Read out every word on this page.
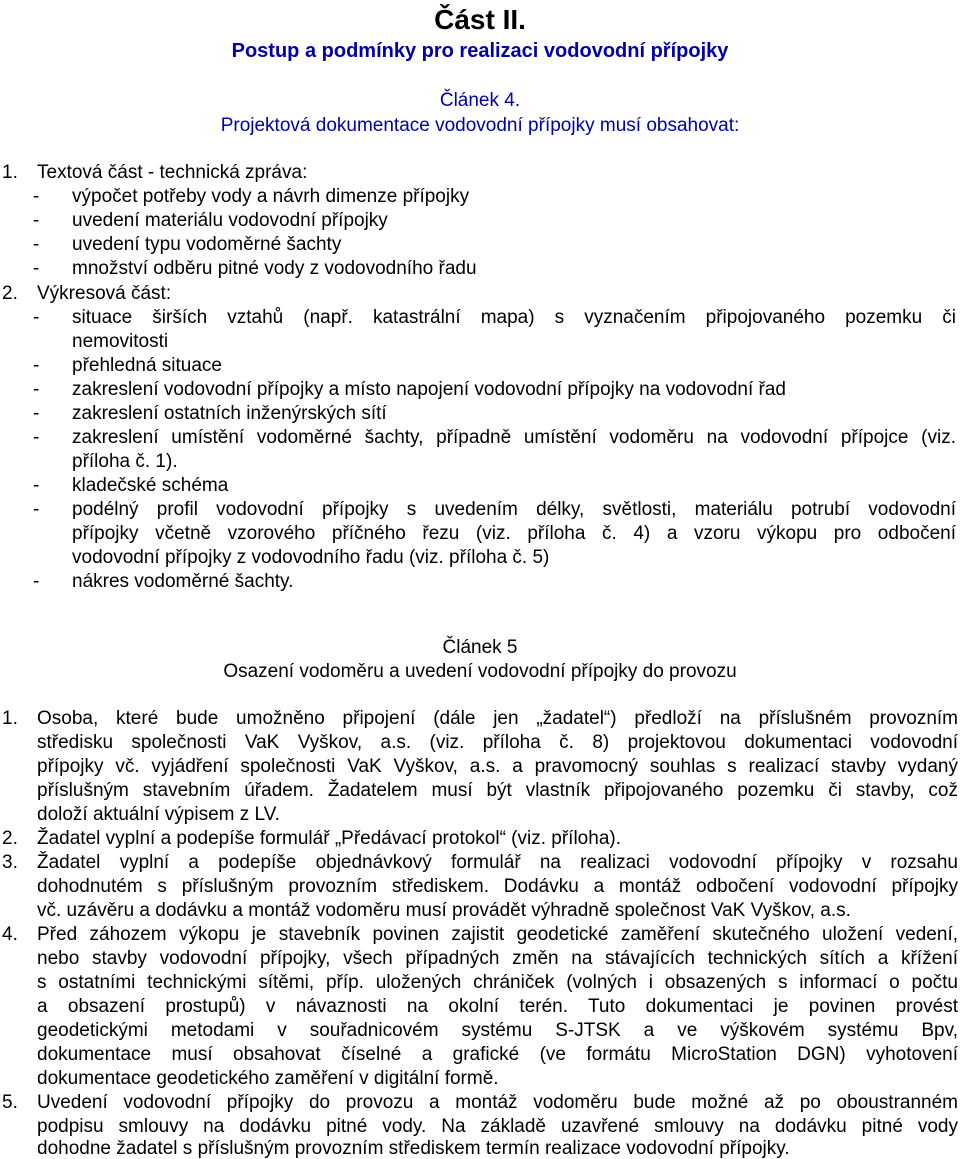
Část II.
Postup a podmínky pro realizaci vodovodní přípojky
Článek 4.
Projektová dokumentace vodovodní přípojky musí obsahovat:
1. Textová část - technická zpráva:
- výpočet potřeby vody a návrh dimenze přípojky
- uvedení materiálu vodovodní přípojky
- uvedení typu vodoměrné šachty
- množství odběru pitné vody z vodovodního řadu
2. Výkresová část:
- situace širších vztahů (např. katastrální mapa) s vyznačením připojovaného pozemku či
nemovitosti
- přehledná situace
- zakreslení vodovodní přípojky a místo napojení vodovodní přípojky na vodovodní řad
- zakreslení ostatních inženýrských sítí
- zakreslení umístění vodoměrné šachty, případně umístění vodoměru na vodovodní přípojce (viz.
příloha č. 1).
- kladečské schéma
- podélný profil vodovodní přípojky s uvedením délky, světlosti, materiálu potrubí vodovodní
přípojky včetně vzorového příčného řezu (viz. příloha č. 4) a vzoru výkopu pro odbočení
vodovodní přípojky z vodovodního řadu (viz. příloha č. 5)
- nákres vodoměrné šachty.
Článek 5
Osazení vodoměru a uvedení vodovodní přípojky do provozu
1. Osoba, které bude umožněno připojení (dále jen „žadatel“) předloží na příslušném provozním
středisku společnosti VaK Vyškov, a.s. (viz. příloha č. 8) projektovou dokumentaci vodovodní
přípojky vč. vyjádření společnosti VaK Vyškov, a.s. a pravomocný souhlas s realizací stavby vydaný
příslušným stavebním úřadem. Žadatelem musí být vlastník připojovaného pozemku či stavby, což
doloží aktuální výpisem z LV.
2. Žadatel vyplní a podepíše formulář „Předávací protokol“ (viz. příloha).
3. Žadatel vyplní a podepíše objednávkový formulář na realizaci vodovodní přípojky v rozsahu
dohodnutém s příslušným provozním střediskem. Dodávku a montáž odbočení vodovodní přípojky
vč. uzávěru a dodávku a montáž vodoměru musí provádět výhradně společnost VaK Vyškov, a.s.
4. Před záhozem výkopu je stavebník povinen zajistit geodetické zaměření skutečného uložení vedení,
nebo stavby vodovodní přípojky, všech případných změn na stávajících technických sítích a křížení
s ostatními technickými sítěmi, příp. uložených chrániček (volných i obsazených s informací o počtu
a obsazení prostupů) v návaznosti na okolní terén. Tuto dokumentaci je povinen provést
geodetickými metodami v souřadnicovém systému S-JTSK a ve výškovém systému Bpv,
dokumentace musí obsahovat číselné a grafické (ve formátu MicroStation DGN) vyhotovení
dokumentace geodetického zaměření v digitální formě.
5. Uvedení vodovodní přípojky do provozu a montáž vodoměru bude možné až po oboustranném
podpisu smlouvy na dodávku pitné vody. Na základě uzavřené smlouvy na dodávku pitné vody
dohodne žadatel s příslušným provozním střediskem termín realizace vodovodní přípojky.
